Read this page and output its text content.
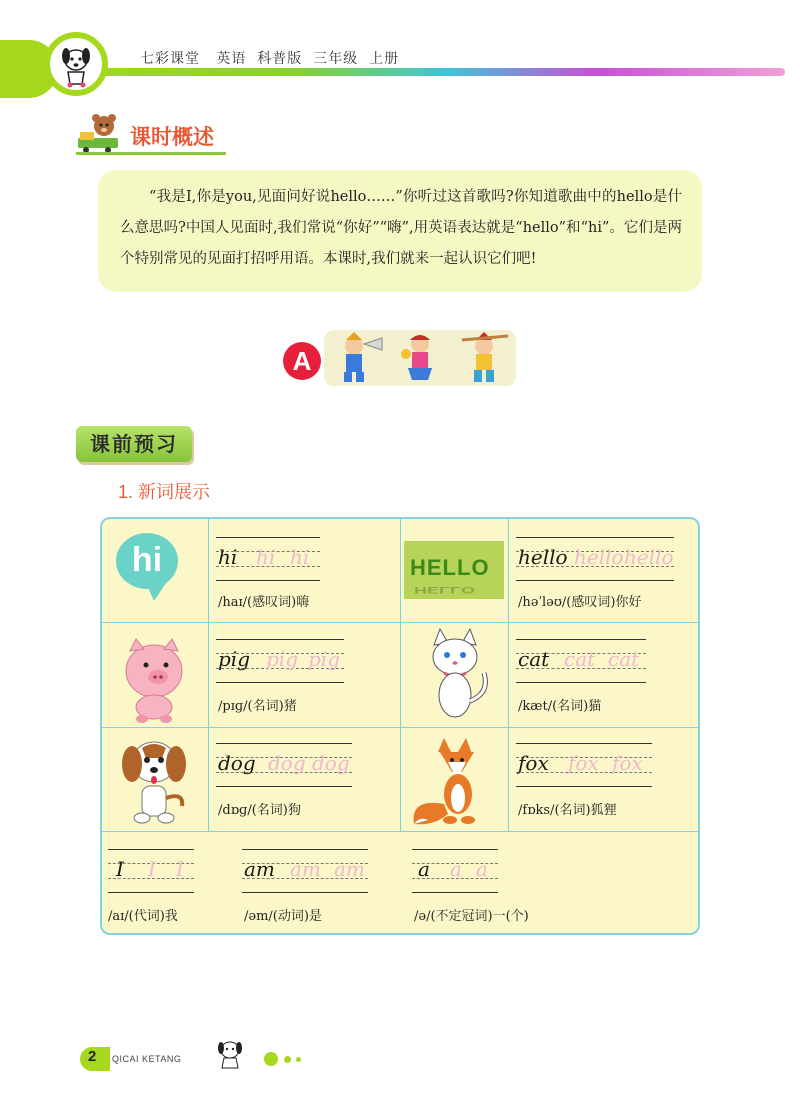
七彩课堂 英语 科普版 三年级 上册
课时概述

“我是I,你是you,见面问好说hello……”你听过这首歌吗?你知道歌曲中的hello是什么意思吗?中国人见面时,我们常说“你好”“嗨”,用英语表达就是“hello”和“hi”。它们是两个特别常见的见面打招呼用语。本课时,我们就来一起认识它们吧!

A
课前预习
1. 新词展示
hi	hi hi hi
/haɪ/(感叹词)嗨
HELLO
HELLO
hello hello hello
/həˈləʊ/(感叹词)你好
pig pig pig
/pɪɡ/(名词)猪
cat cat cat
/kæt/(名词)猫
dog dog dog
/dɒɡ/(名词)狗
fox fox fox
/fɒks/(名词)狐狸
I I I
/aɪ/(代词)我
am am am
/əm/(动词)是
a a a
/ə/(不定冠词)一(个)
2 QICAI KETANG
